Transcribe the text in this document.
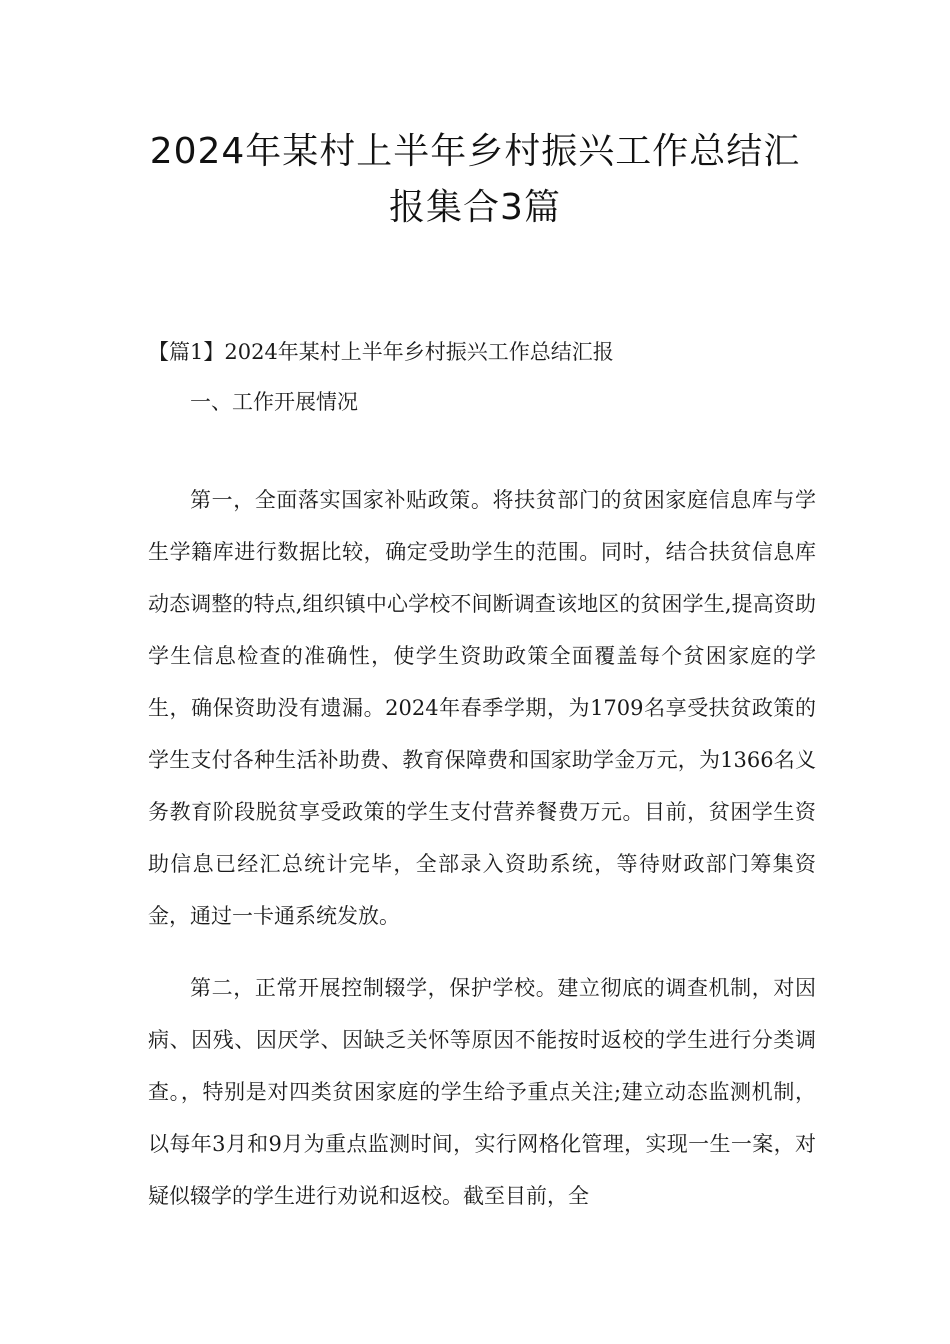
2024年某村上半年乡村振兴工作总结汇
报集合3篇
【篇1】2024年某村上半年乡村振兴工作总结汇报
一、工作开展情况

第一，全面落实国家补贴政策。将扶贫部门的贫困家庭信息库与学生学籍库进行数据比较，确定受助学生的范围。同时，结合扶贫信息库动态调整的特点,组织镇中心学校不间断调查该地区的贫困学生,提高资助学生信息检查的准确性，使学生资助政策全面覆盖每个贫困家庭的学生，确保资助没有遗漏。2024年春季学期，为1709名享受扶贫政策的学生支付各种生活补助费、教育保障费和国家助学金万元，为1366名义务教育阶段脱贫享受政策的学生支付营养餐费万元。目前，贫困学生资助信息已经汇总统计完毕，全部录入资助系统，等待财政部门筹集资金，通过一卡通系统发放。

第二，正常开展控制辍学，保护学校。建立彻底的调查机制，对因病、因残、因厌学、因缺乏关怀等原因不能按时返校的学生进行分类调查。，特别是对四类贫困家庭的学生给予重点关注;建立动态监测机制，以每年3月和9月为重点监测时间，实行网格化管理，实现一生一案，对疑似辍学的学生进行劝说和返校。截至目前，全
